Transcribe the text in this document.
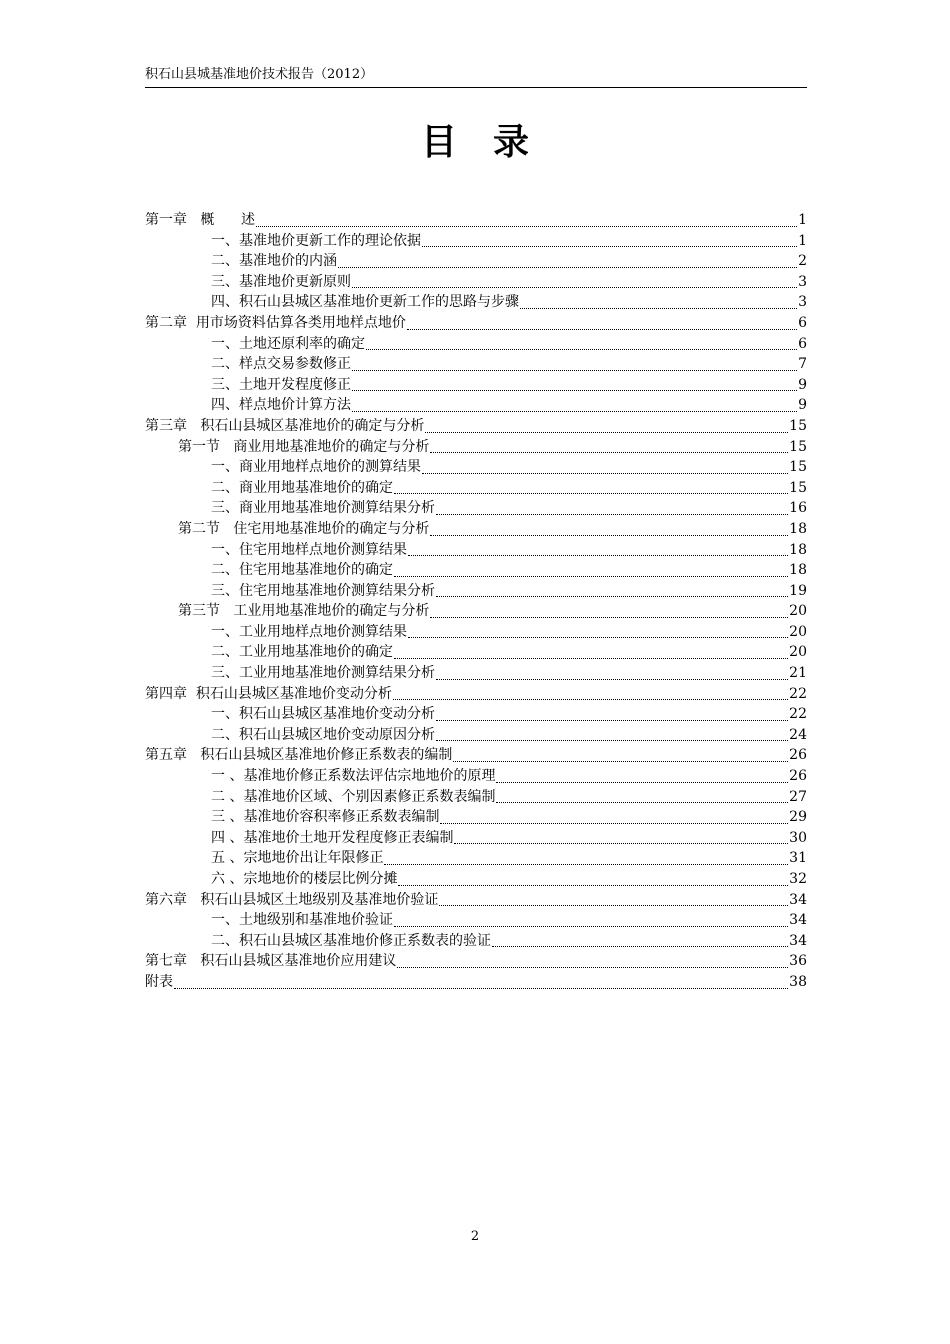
积石山县城基准地价技术报告（2012）
目录
第一章   概      述	1
一、基准地价更新工作的理论依据	1
二、基准地价的内涵	2
三、基准地价更新原则	3
四、积石山县城区基准地价更新工作的思路与步骤	3
第二章  用市场资料估算各类用地样点地价	6
一、土地还原利率的确定	6
二、样点交易参数修正	7
三、土地开发程度修正	9
四、样点地价计算方法	9
第三章   积石山县城区基准地价的确定与分析	15
第一节   商业用地基准地价的确定与分析	15
一、商业用地样点地价的测算结果	15
二、商业用地基准地价的确定	15
三、商业用地基准地价测算结果分析	16
第二节   住宅用地基准地价的确定与分析	18
一、住宅用地样点地价测算结果	18
二、住宅用地基准地价的确定	18
三、住宅用地基准地价测算结果分析	19
第三节   工业用地基准地价的确定与分析	20
一、工业用地样点地价测算结果	20
二、工业用地基准地价的确定	20
三、工业用地基准地价测算结果分析	21
第四章  积石山县城区基准地价变动分析	22
一、积石山县城区基准地价变动分析	22
二、积石山县城区地价变动原因分析	24
第五章   积石山县城区基准地价修正系数表的编制	26
一 、基准地价修正系数法评估宗地地价的原理	26
二 、基准地价区域、个别因素修正系数表编制	27
三 、基准地价容积率修正系数表编制	29
四 、基准地价土地开发程度修正表编制	30
五 、宗地地价出让年限修正	31
六 、宗地地价的楼层比例分摊	32
第六章   积石山县城区土地级别及基准地价验证	34
一、土地级别和基准地价验证	34
二、积石山县城区基准地价修正系数表的验证	34
第七章   积石山县城区基准地价应用建议	36
附表	38
2
